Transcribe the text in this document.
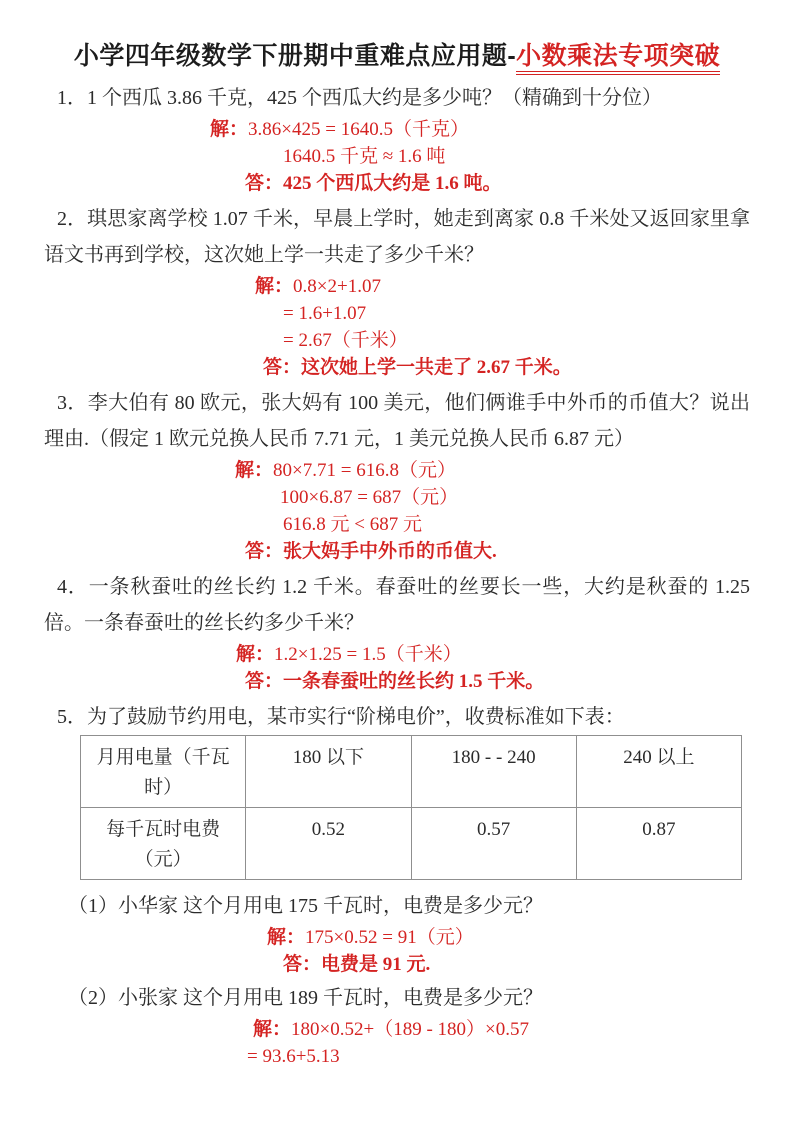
小学四年级数学下册期中重难点应用题-小数乘法专项突破
1．1 个西瓜 3.86 千克，425 个西瓜大约是多少吨？（精确到十分位）
解：3.86×425 = 1640.5（千克）
1640.5 千克 ≈ 1.6 吨
答：425 个西瓜大约是 1.6 吨。
2．琪思家离学校 1.07 千米，早晨上学时，她走到离家 0.8 千米处又返回家里拿语文书再到学校，这次她上学一共走了多少千米？
解：0.8×2+1.07
= 1.6+1.07
= 2.67（千米）
答：这次她上学一共走了 2.67 千米。
3．李大伯有 80 欧元，张大妈有 100 美元，他们俩谁手中外币的币值大？说出理由.（假定 1 欧元兑换人民币 7.71 元，1 美元兑换人民币 6.87 元）
解：80×7.71 = 616.8（元）
100×6.87 = 687（元）
616.8 元 < 687 元
答：张大妈手中外币的币值大.
4．一条秋蚕吐的丝长约 1.2 千米。春蚕吐的丝要长一些，大约是秋蚕的 1.25 倍。一条春蚕吐的丝长约多少千米？
解：1.2×1.25 = 1.5（千米）
答：一条春蚕吐的丝长约 1.5 千米。
5．为了鼓励节约用电，某市实行“阶梯电价”，收费标准如下表：
月用电量（千瓦时）	180 以下	180 - - 240	240 以上
每千瓦时电费（元）	0.52	0.57	0.87
（1）小华家 这个月用电 175 千瓦时，电费是多少元？
解：175×0.52 = 91（元）
答：电费是 91 元.
（2）小张家 这个月用电 189 千瓦时，电费是多少元？
解：180×0.52+（189 - 180）×0.57
= 93.6+5.13
